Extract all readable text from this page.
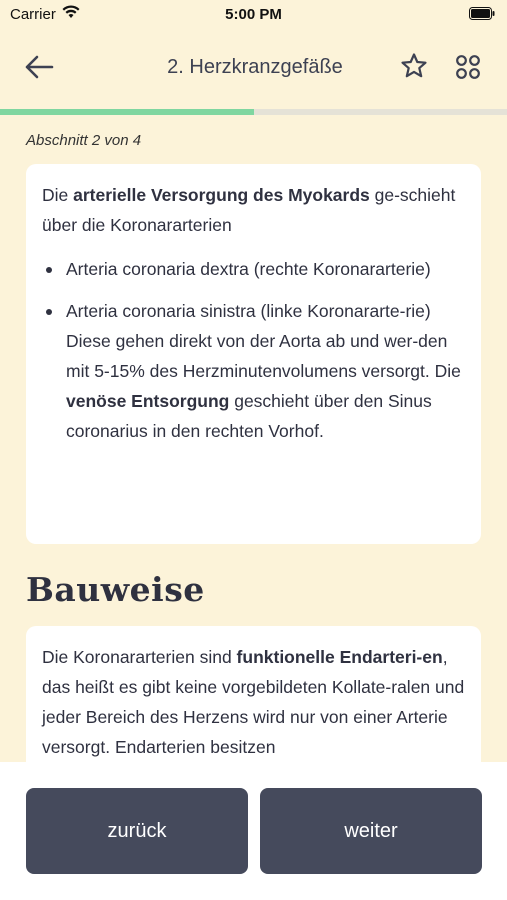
Carrier	5:00 PM
2. Herzkranzgefäße
Abschnitt 2 von 4

Die arterielle Versorgung des Myokards ge-schieht über die Koronararterien

Arteria coronaria dextra (rechte Koronararterie)
Arteria coronaria sinistra (linke Koronararte-rie)
Diese gehen direkt von der Aorta ab und wer-den mit 5-15% des Herzminutenvolumens versorgt. Die venöse Entsorgung geschieht über den Sinus coronarius in den rechten Vorhof.
Bauweise

Die Koronararterien sind funktionelle Endarteri-en, das heißt es gibt keine vorgebildeten Kollate-ralen und jeder Bereich des Herzens wird nur von einer Arterie versorgt. Endarterien besitzen

zurück	weiter
